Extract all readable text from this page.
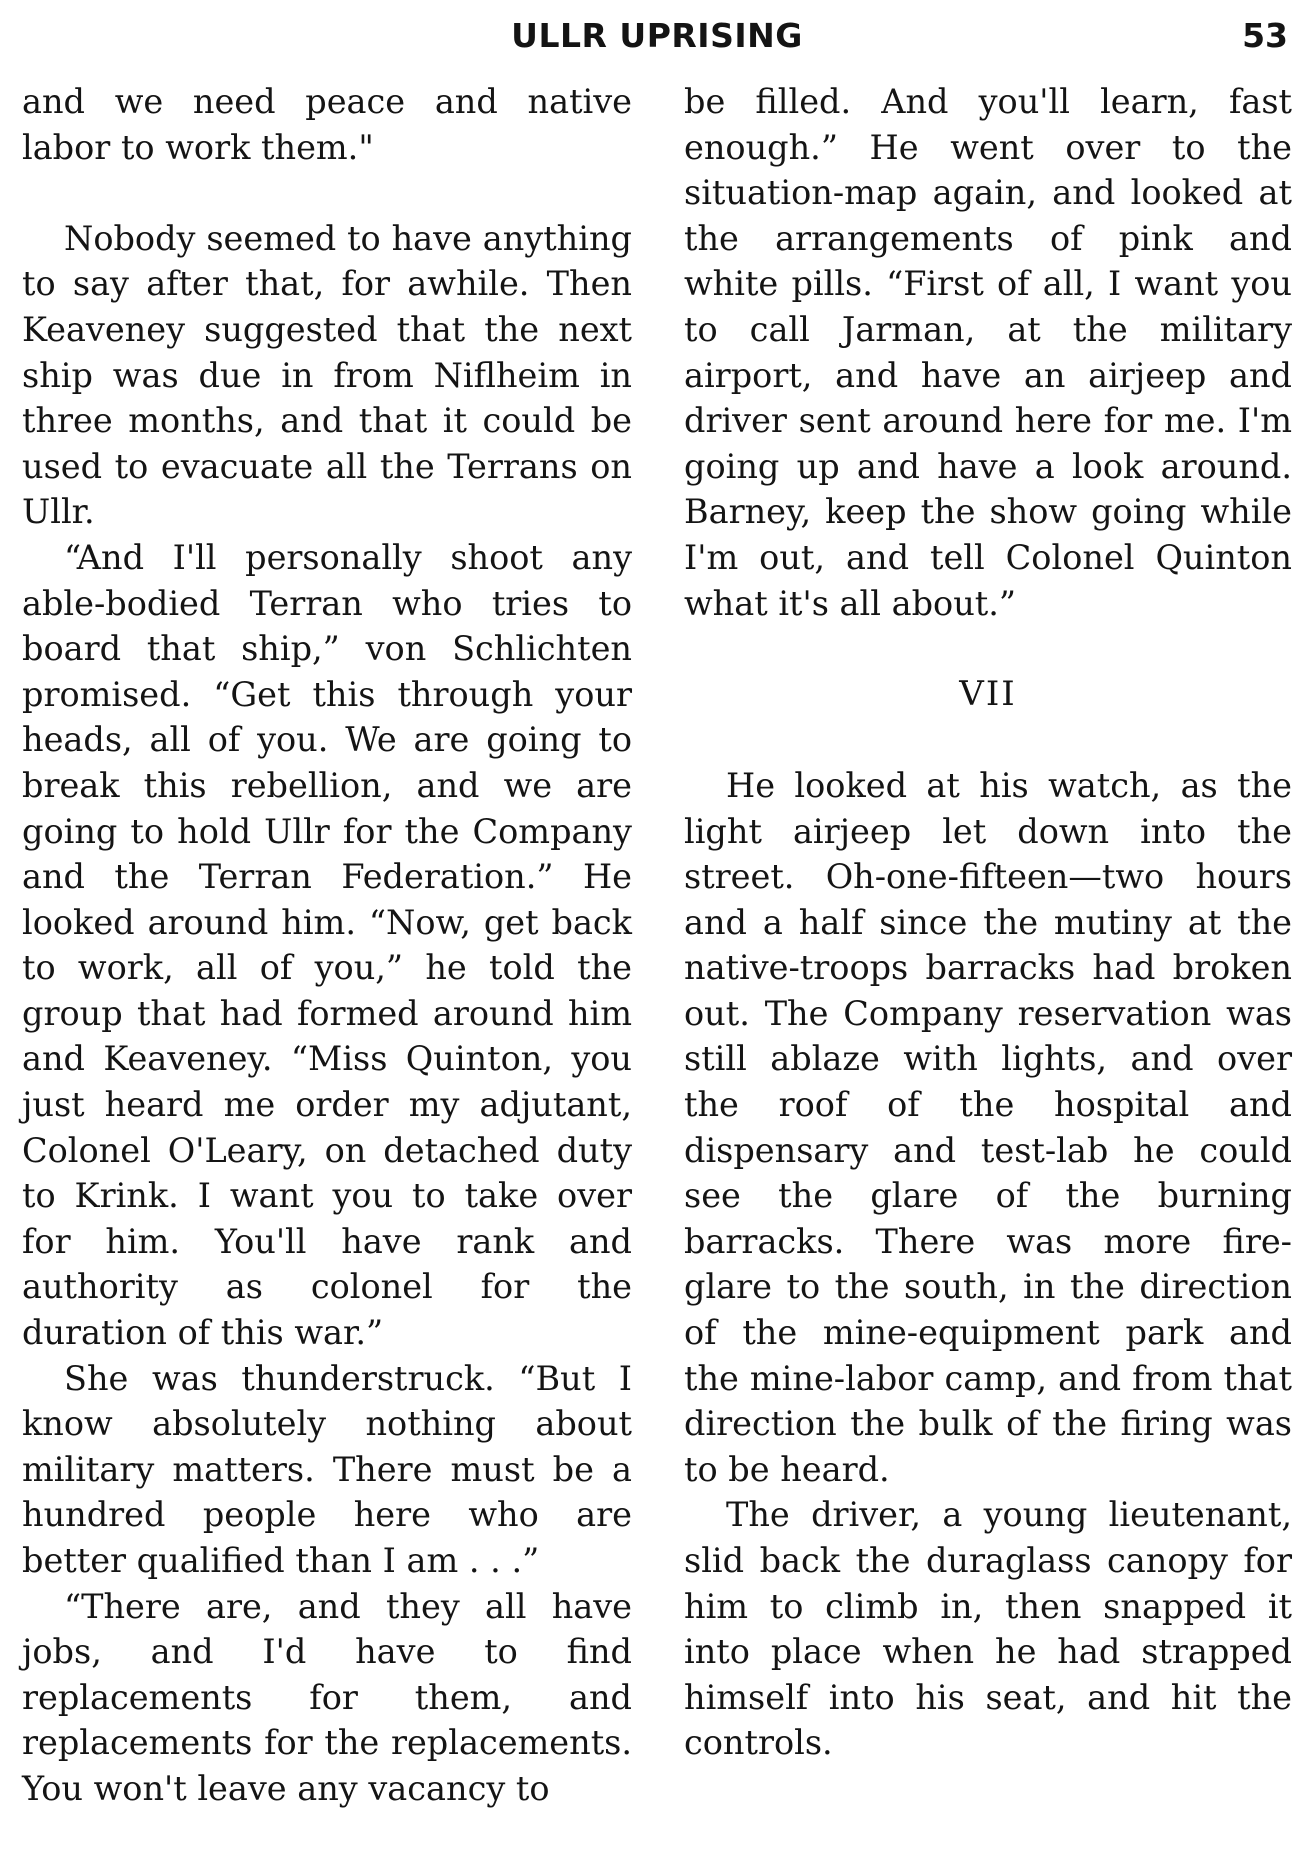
ULLR UPRISING	53

and we need peace and native labor to work them."

Nobody seemed to have anything to say after that, for awhile. Then Keaveney suggested that the next ship was due in from Niflheim in three months, and that it could be used to evacuate all the Terrans on Ullr.

“And I'll personally shoot any able-bodied Terran who tries to board that ship,” von Schlichten promised. “Get this through your heads, all of you. We are going to break this rebellion, and we are going to hold Ullr for the Company and the Terran Federation.” He looked around him. “Now, get back to work, all of you,” he told the group that had formed around him and Keaveney. “Miss Quinton, you just heard me order my adjutant, Colonel O'Leary, on detached duty to Krink. I want you to take over for him. You'll have rank and authority as colonel for the duration of this war.”

She was thunderstruck. “But I know absolutely nothing about military matters. There must be a hundred people here who are better qualified than I am . . .”

“There are, and they all have jobs, and I'd have to find replacements for them, and replacements for the replacements. You won't leave any vacancy to

be filled. And you'll learn, fast enough.” He went over to the situation-map again, and looked at the arrangements of pink and white pills. “First of all, I want you to call Jarman, at the military airport, and have an airjeep and driver sent around here for me. I'm going up and have a look around. Barney, keep the show going while I'm out, and tell Colonel Quinton what it's all about.”

VII

He looked at his watch, as the light airjeep let down into the street. Oh-one-fifteen—two hours and a half since the mutiny at the native-troops barracks had broken out. The Company reservation was still ablaze with lights, and over the roof of the hospital and dispensary and test-lab he could see the glare of the burning barracks. There was more fire-glare to the south, in the direction of the mine-equipment park and the mine-labor camp, and from that direction the bulk of the firing was to be heard.

The driver, a young lieutenant, slid back the duraglass canopy for him to climb in, then snapped it into place when he had strapped himself into his seat, and hit the controls.
